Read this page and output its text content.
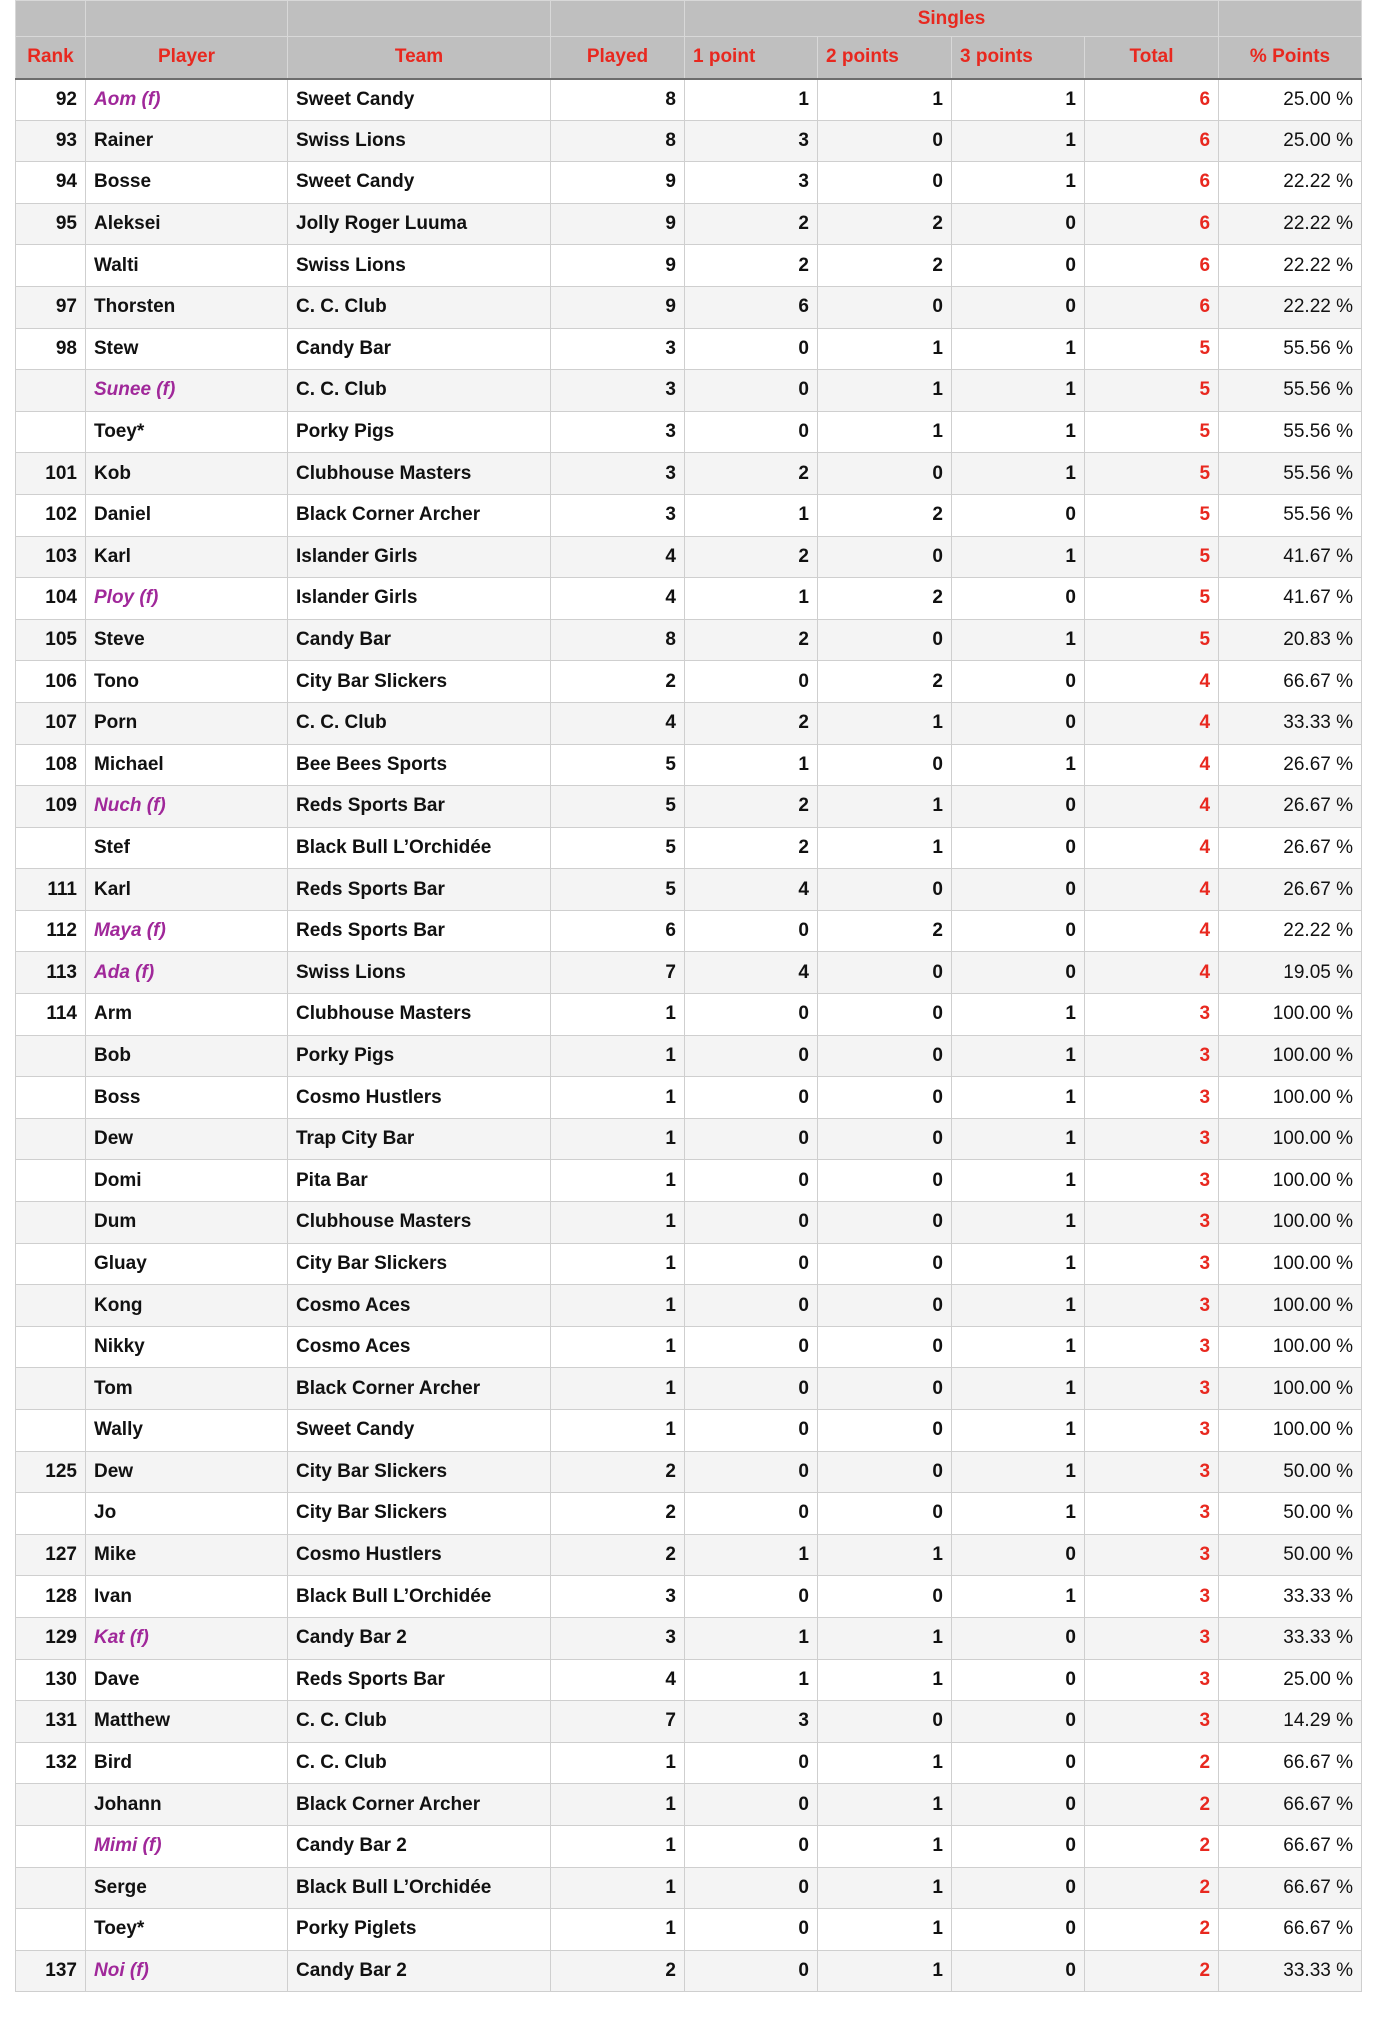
				Singles				
Rank	Player	Team	Played	1 point	2 points	3 points	Total	% Points
92	Aom (f)	Sweet Candy	8	1	1	1	6	25.00 %
93	Rainer	Swiss Lions	8	3	0	1	6	25.00 %
94	Bosse	Sweet Candy	9	3	0	1	6	22.22 %
95	Aleksei	Jolly Roger Luuma	9	2	2	0	6	22.22 %
	Walti	Swiss Lions	9	2	2	0	6	22.22 %
97	Thorsten	C. C. Club	9	6	0	0	6	22.22 %
98	Stew	Candy Bar	3	0	1	1	5	55.56 %
	Sunee (f)	C. C. Club	3	0	1	1	5	55.56 %
	Toey*	Porky Pigs	3	0	1	1	5	55.56 %
101	Kob	Clubhouse Masters	3	2	0	1	5	55.56 %
102	Daniel	Black Corner Archer	3	1	2	0	5	55.56 %
103	Karl	Islander Girls	4	2	0	1	5	41.67 %
104	Ploy (f)	Islander Girls	4	1	2	0	5	41.67 %
105	Steve	Candy Bar	8	2	0	1	5	20.83 %
106	Tono	City Bar Slickers	2	0	2	0	4	66.67 %
107	Porn	C. C. Club	4	2	1	0	4	33.33 %
108	Michael	Bee Bees Sports	5	1	0	1	4	26.67 %
109	Nuch (f)	Reds Sports Bar	5	2	1	0	4	26.67 %
	Stef	Black Bull L’Orchidée	5	2	1	0	4	26.67 %
111	Karl	Reds Sports Bar	5	4	0	0	4	26.67 %
112	Maya (f)	Reds Sports Bar	6	0	2	0	4	22.22 %
113	Ada (f)	Swiss Lions	7	4	0	0	4	19.05 %
114	Arm	Clubhouse Masters	1	0	0	1	3	100.00 %
	Bob	Porky Pigs	1	0	0	1	3	100.00 %
	Boss	Cosmo Hustlers	1	0	0	1	3	100.00 %
	Dew	Trap City Bar	1	0	0	1	3	100.00 %
	Domi	Pita Bar	1	0	0	1	3	100.00 %
	Dum	Clubhouse Masters	1	0	0	1	3	100.00 %
	Gluay	City Bar Slickers	1	0	0	1	3	100.00 %
	Kong	Cosmo Aces	1	0	0	1	3	100.00 %
	Nikky	Cosmo Aces	1	0	0	1	3	100.00 %
	Tom	Black Corner Archer	1	0	0	1	3	100.00 %
	Wally	Sweet Candy	1	0	0	1	3	100.00 %
125	Dew	City Bar Slickers	2	0	0	1	3	50.00 %
	Jo	City Bar Slickers	2	0	0	1	3	50.00 %
127	Mike	Cosmo Hustlers	2	1	1	0	3	50.00 %
128	Ivan	Black Bull L’Orchidée	3	0	0	1	3	33.33 %
129	Kat (f)	Candy Bar 2	3	1	1	0	3	33.33 %
130	Dave	Reds Sports Bar	4	1	1	0	3	25.00 %
131	Matthew	C. C. Club	7	3	0	0	3	14.29 %
132	Bird	C. C. Club	1	0	1	0	2	66.67 %
	Johann	Black Corner Archer	1	0	1	0	2	66.67 %
	Mimi (f)	Candy Bar 2	1	0	1	0	2	66.67 %
	Serge	Black Bull L’Orchidée	1	0	1	0	2	66.67 %
	Toey*	Porky Piglets	1	0	1	0	2	66.67 %
137	Noi (f)	Candy Bar 2	2	0	1	0	2	33.33 %
